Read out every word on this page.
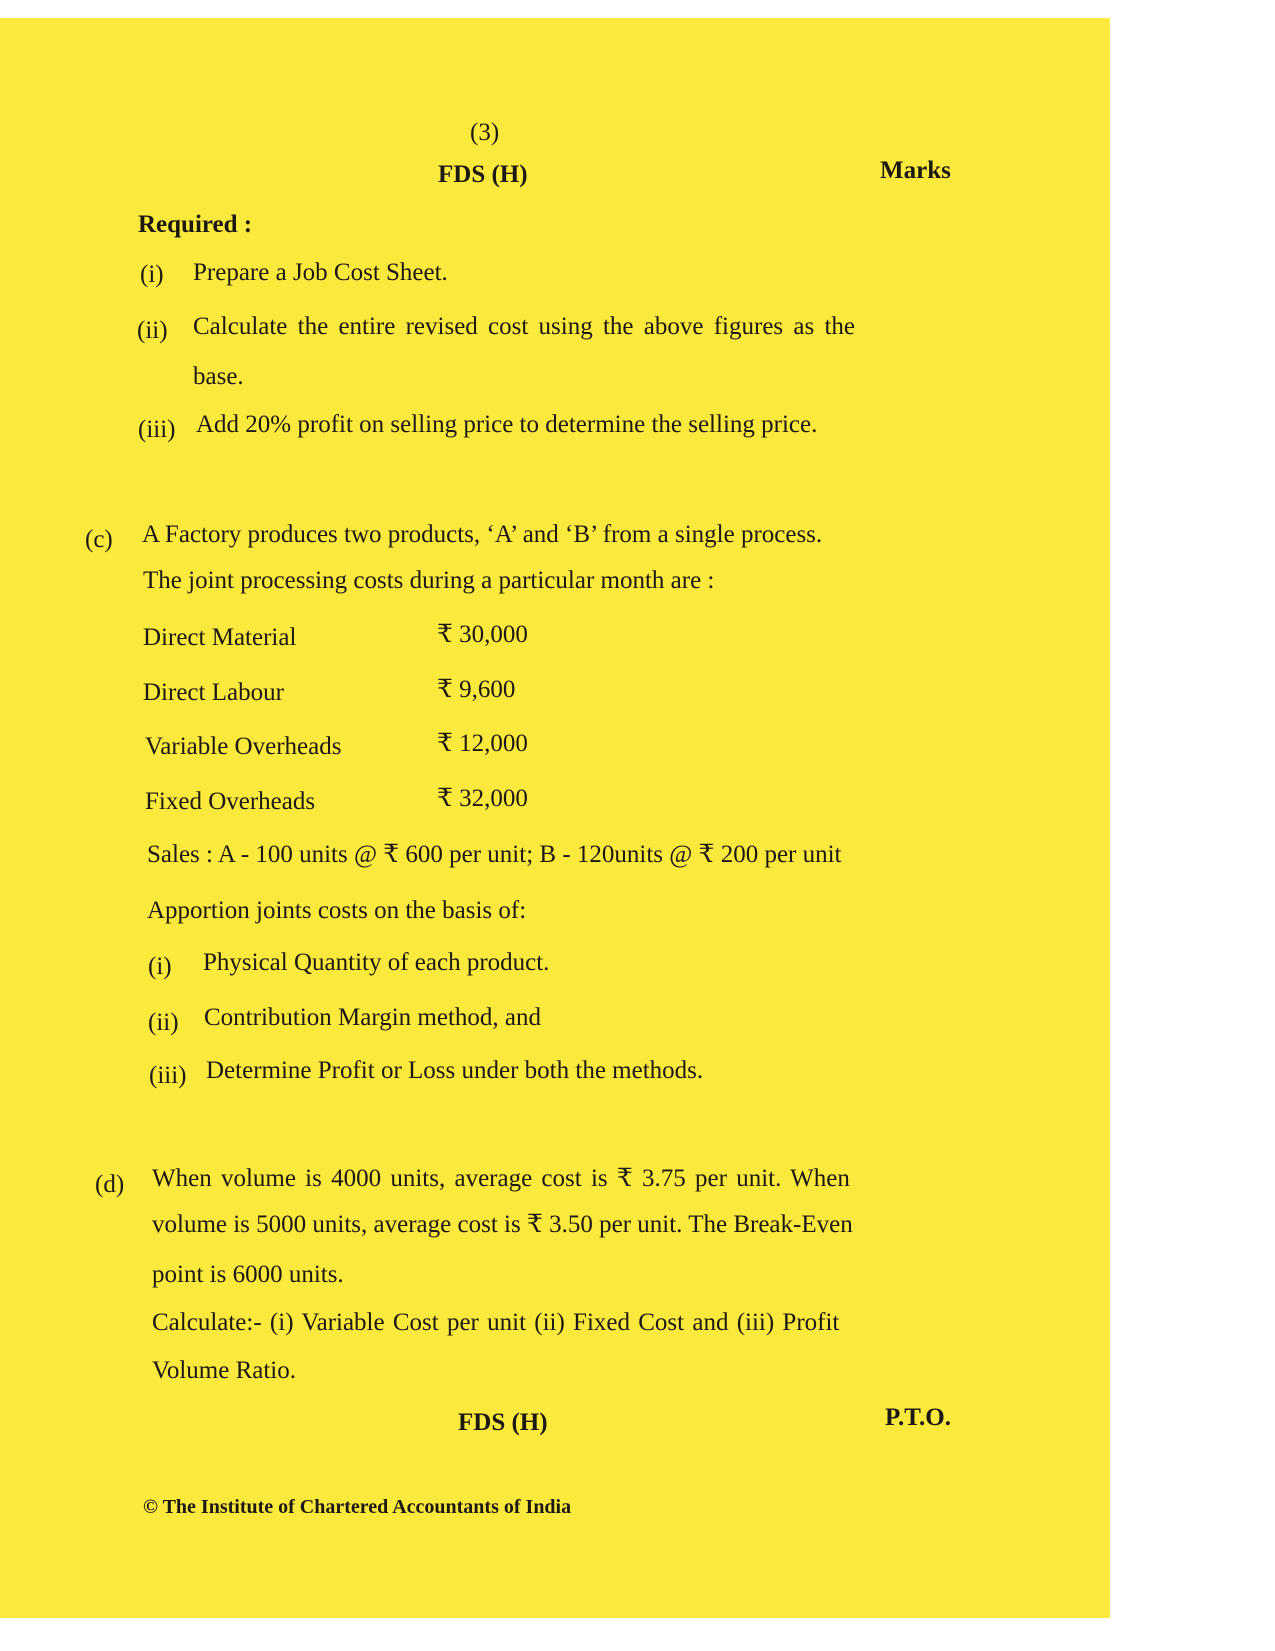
(3)
FDS (H)	Marks
Required :
(i) Prepare a Job Cost Sheet.
(ii) Calculate the entire revised cost using the above figures as the
base.
(iii) Add 20% profit on selling price to determine the selling price.
(c) A Factory produces two products, ‘A’ and ‘B’ from a single process.
The joint processing costs during a particular month are :
Direct Material	₹ 30,000
Direct Labour	₹ 9,600
Variable Overheads	₹ 12,000
Fixed Overheads	₹ 32,000
Sales : A - 100 units @ ₹ 600 per unit; B - 120units @ ₹ 200 per unit
Apportion joints costs on the basis of:
(i) Physical Quantity of each product.
(ii) Contribution Margin method, and
(iii) Determine Profit or Loss under both the methods.
(d) When volume is 4000 units, average cost is ₹ 3.75 per unit. When
volume is 5000 units, average cost is ₹ 3.50 per unit. The Break-Even
point is 6000 units.
Calculate:- (i) Variable Cost per unit (ii) Fixed Cost and (iii) Profit
Volume Ratio.
FDS (H)	P.T.O.
© The Institute of Chartered Accountants of India
